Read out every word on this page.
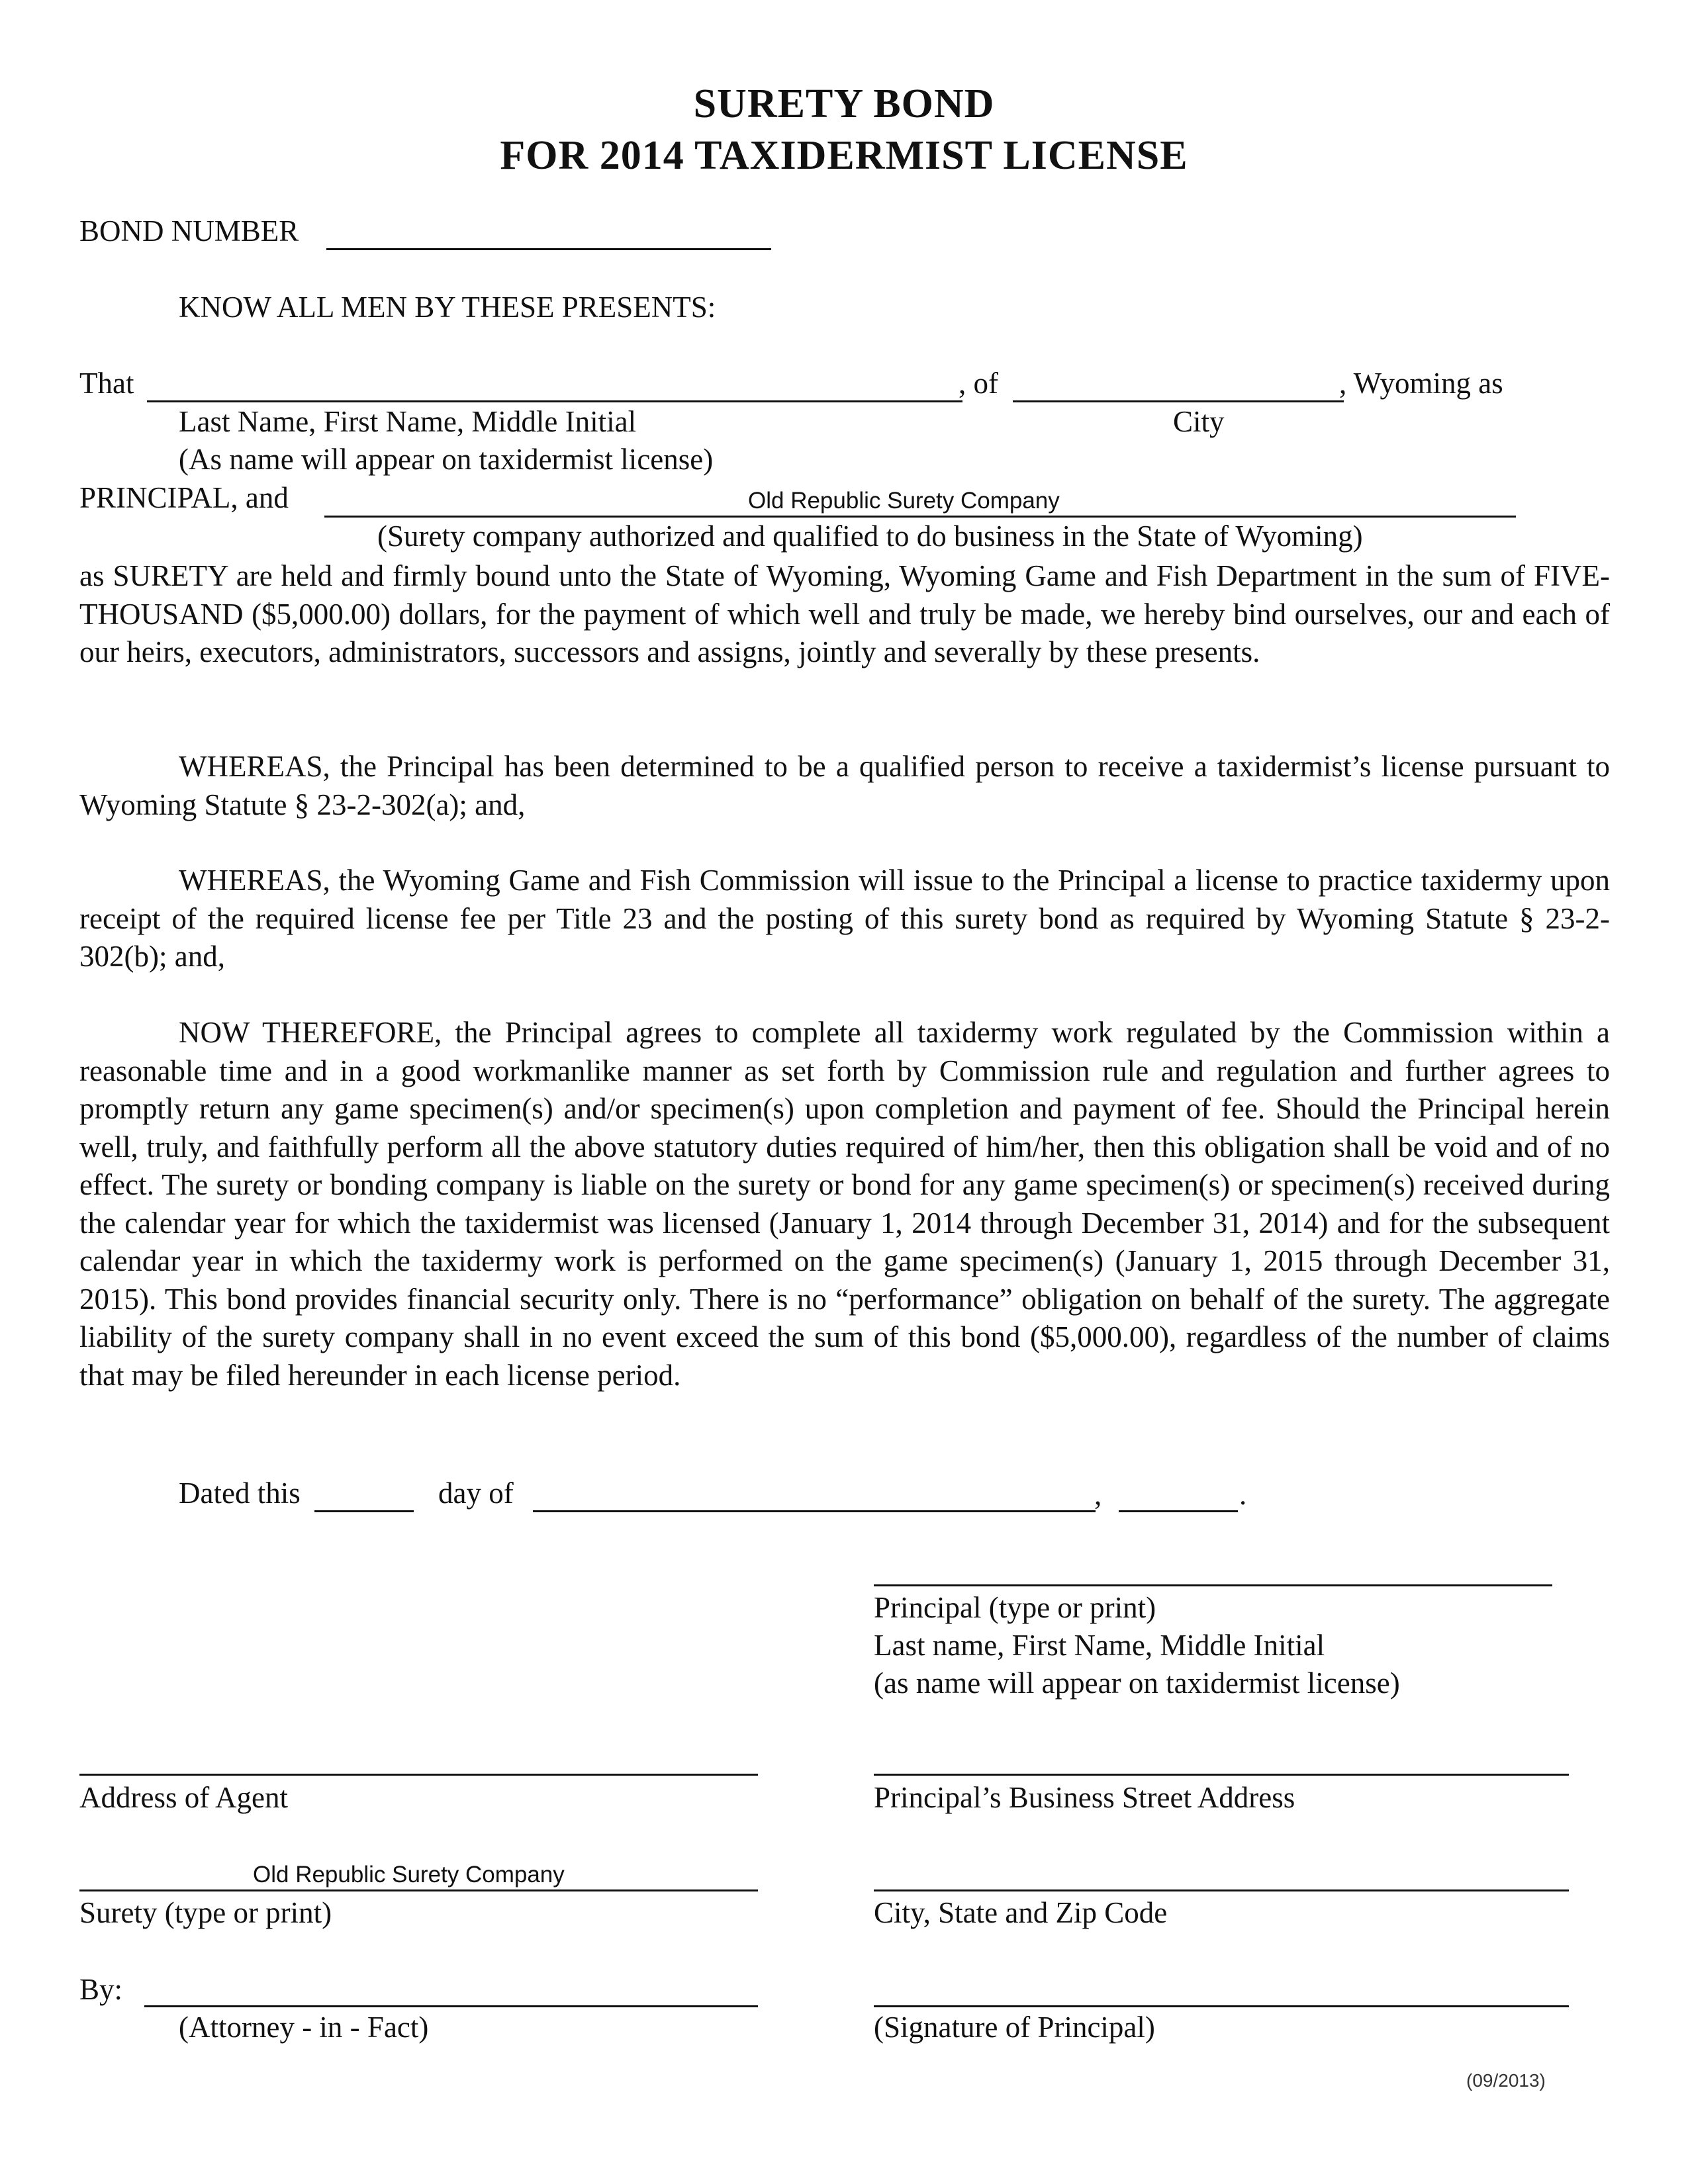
SURETY BOND
FOR 2014 TAXIDERMIST LICENSE
BOND NUMBER
KNOW ALL MEN BY THESE PRESENTS:
That	, of	, Wyoming as
Last Name, First Name, Middle Initial	City
(As name will appear on taxidermist license)
PRINCIPAL, and	Old Republic Surety Company
(Surety company authorized and qualified to do business in the State of Wyoming)
as SURETY are held and firmly bound unto the State of Wyoming, Wyoming Game and Fish Department in the sum of FIVE-THOUSAND ($5,000.00) dollars, for the payment of which well and truly be made, we hereby bind ourselves, our and each of our heirs, executors, administrators, successors and assigns, jointly and severally by these presents.
WHEREAS, the Principal has been determined to be a qualified person to receive a taxidermist’s license pursuant to Wyoming Statute § 23-2-302(a); and,
WHEREAS, the Wyoming Game and Fish Commission will issue to the Principal a license to practice taxidermy upon receipt of the required license fee per Title 23 and the posting of this surety bond as required by Wyoming Statute § 23-2-302(b); and,
NOW THEREFORE, the Principal agrees to complete all taxidermy work regulated by the Commission within a reasonable time and in a good workmanlike manner as set forth by Commission rule and regulation and further agrees to promptly return any game specimen(s) and/or specimen(s) upon completion and payment of fee. Should the Principal herein well, truly, and faithfully perform all the above statutory duties required of him/her, then this obligation shall be void and of no effect. The surety or bonding company is liable on the surety or bond for any game specimen(s) or specimen(s) received during the calendar year for which the taxidermist was licensed (January 1, 2014 through December 31, 2014) and for the subsequent calendar year in which the taxidermy work is performed on the game specimen(s) (January 1, 2015 through December 31, 2015). This bond provides financial security only. There is no “performance” obligation on behalf of the surety. The aggregate liability of the surety company shall in no event exceed the sum of this bond ($5,000.00), regardless of the number of claims that may be filed hereunder in each license period.
Dated this	day of	,	.
Principal (type or print)
Last name, First Name, Middle Initial
(as name will appear on taxidermist license)
Address of Agent	Principal’s Business Street Address
Old Republic Surety Company
Surety (type or print)	City, State and Zip Code
By:
(Attorney - in - Fact)	(Signature of Principal)
(09/2013)
